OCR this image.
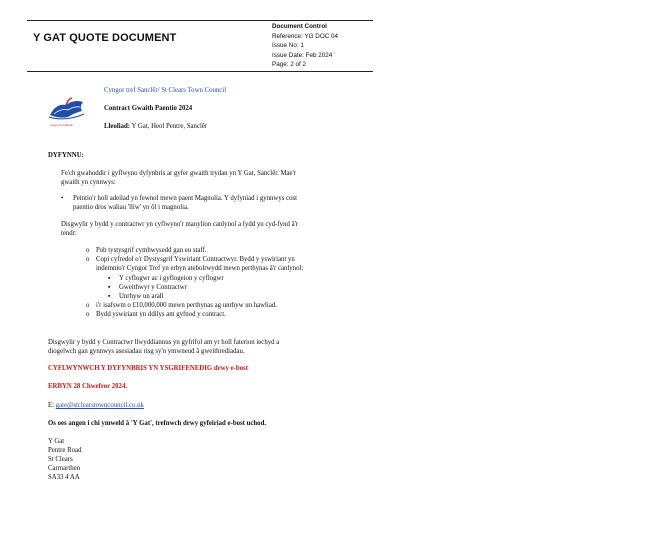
Y GAT QUOTE DOCUMENT
Document Control
Reference: YG DOC 04
Issue No: 1
Issue Date: Feb 2024
Page: 2 of 2
Cyngor Tref Sanclêr
Cyngor tref Sanclêr/ St Clears Town Council
Contract Gwaith Paentio 2024
Lleoliad: Y Gat, Heol Pentre, Sanclêr
DYFYNNU:
Fe'ch gwahoddir i gyflwyno dyfynbris ar gyfer gwaith trydan yn Y Gat, Sanclêr. Mae'r
gwaith yn cynnwys:
• Peintio'r holl adeilad yn fewnol mewn paent Magnolia. Y dyfyniad i gynnwys cost
paentio dros waliau 'lliw' yn ôl i magnolia.
Disgwylir y bydd y contractwr yn cyflwyno'r manylion canlynol a fydd yn cyd-fynd â'r
tendr:
o Pob tystysgrif cymhwysedd gan eu staff.
o Copi cyfredol o'r Dystysgrif Yswiriant Contractwyr. Bydd y yswiriant yn
indemnio'r Cyngor Tref yn erbyn atebolrwydd mewn perthynas â'r canlynol:
▪ Y cyflogwr ac i gyflogeion y cyflogwr
▪ Gweithwyr y Contractwr
▪ Unrhyw un arall
o i'r isafswm o £10,000,000 mewn perthynas ag unrhyw un hawliad.
o Bydd yswiriant yn ddilys am gyfnod y contract.
Disgwylir y bydd y Contractwr llwyddiannus yn gyfrifol am yr holl faterion iechyd a
diogelwch gan gynnwys asesiadau risg sy'n ymwneud â gweithrediadau.
CYFLWYNWCH Y DYFYNBRIS YN YSGRIFENEDIG drwy e-bost
ERBYN 28 Chwefror 2024.
E: gate@stclearstowncouncil.co.uk
Os oes angen i chi ymweld â 'Y Gat', trefnwch drwy gyfeiriad e-bost uchod.
Y Gat
Pentre Road
St Clears
Carmarthen
SA33 4 AA
